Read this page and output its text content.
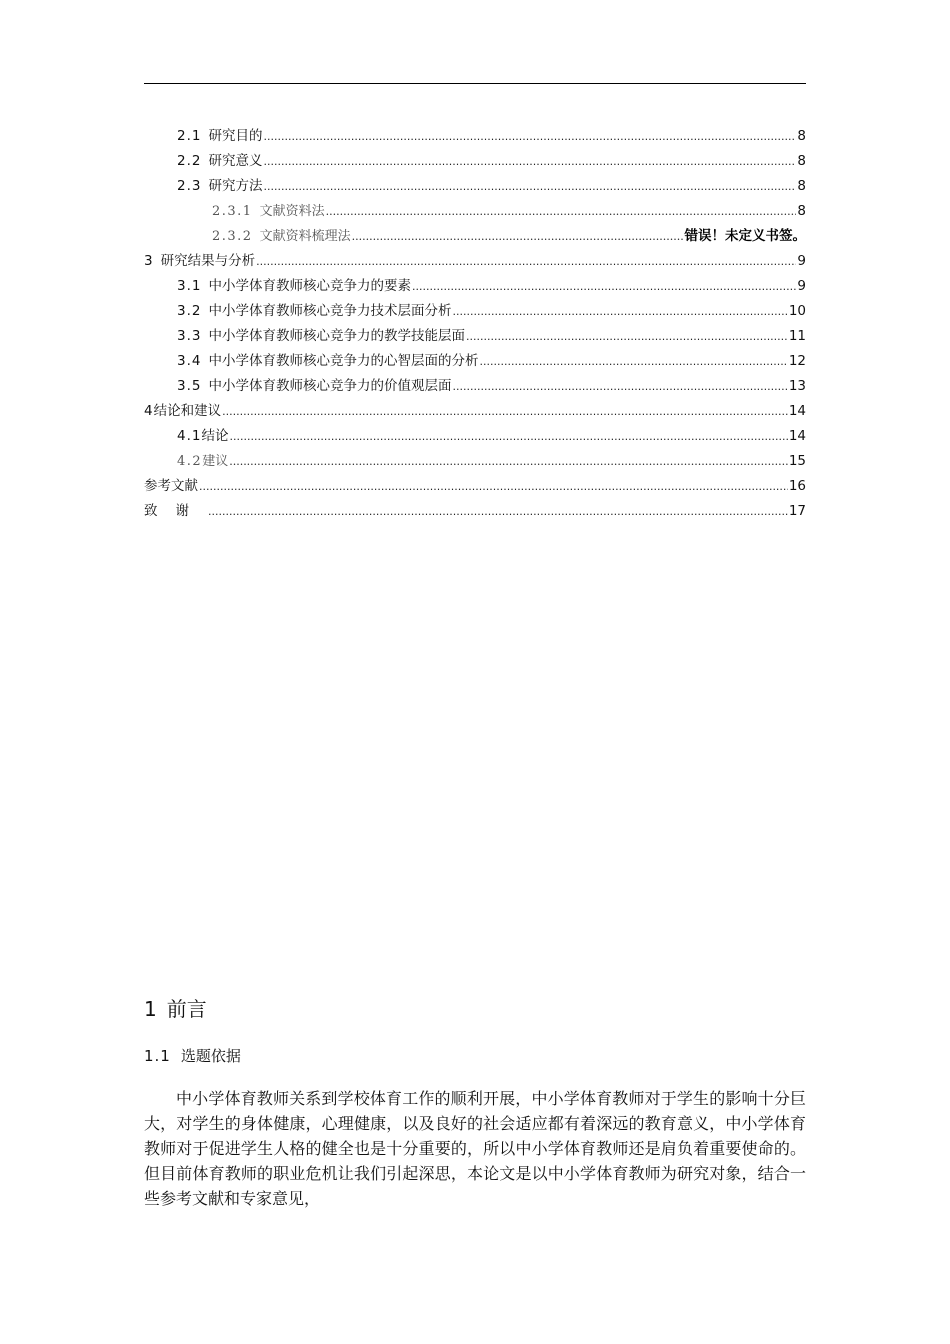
2.1 研究目的 .....	8
2.2 研究意义 .....	8
2.3 研究方法 .....	8
2.3.1 文献资料法 .....	8
2.3.2 文献资料梳理法 .....	错误！未定义书签。
3 研究结果与分析 .....	9
3.1 中小学体育教师核心竞争力的要素 .....	9
3.2 中小学体育教师核心竞争力技术层面分析 .....	10
3.3 中小学体育教师核心竞争力的教学技能层面 .....	11
3.4 中小学体育教师核心竞争力的心智层面的分析 .....	12
3.5 中小学体育教师核心竞争力的价值观层面 .....	13
4 结论和建议 .....	14
4.1 结论 .....	14
4.2 建议 .....	15
参考文献 .....	16
致谢 .....	17
1 前言
1.1 选题依据

中小学体育教师关系到学校体育工作的顺利开展，中小学体育教师对于学生的影响十分巨大，对学生的身体健康，心理健康，以及良好的社会适应都有着深远的教育意义，中小学体育教师对于促进学生人格的健全也是十分重要的，所以中小学体育教师还是肩负着重要使命的。但目前体育教师的职业危机让我们引起深思，本论文是以中小学体育教师为研究对象，结合一些参考文献和专家意见，
